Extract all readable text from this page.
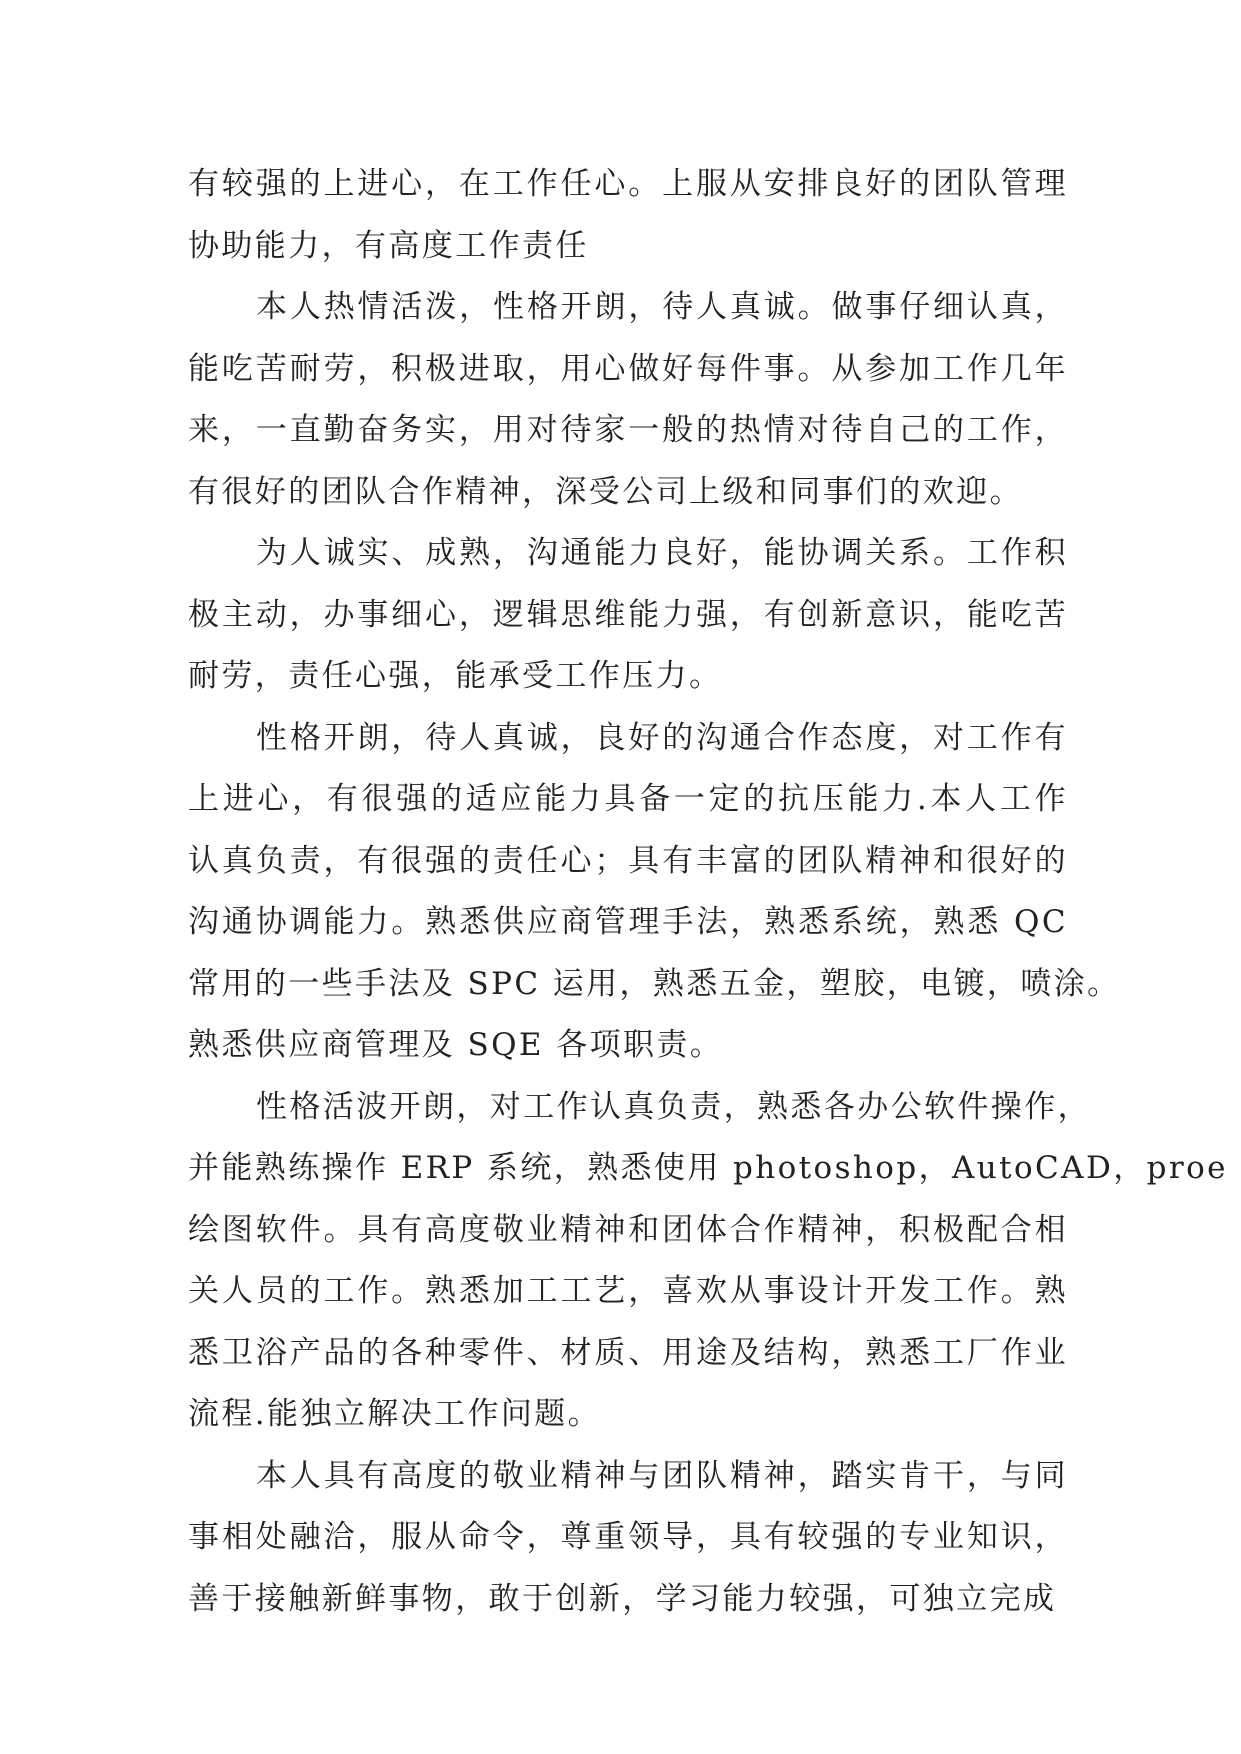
有较强的上进心，在工作任心。上服从安排良好的团队管理
协助能力，有高度工作责任

本人热情活泼，性格开朗，待人真诚。做事仔细认真，
能吃苦耐劳，积极进取，用心做好每件事。从参加工作几年
来，一直勤奋务实，用对待家一般的热情对待自己的工作，
有很好的团队合作精神，深受公司上级和同事们的欢迎。

为人诚实、成熟，沟通能力良好，能协调关系。工作积
极主动，办事细心，逻辑思维能力强，有创新意识，能吃苦
耐劳，责任心强，能承受工作压力。

性格开朗，待人真诚，良好的沟通合作态度，对工作有
上进心，有很强的适应能力具备一定的抗压能力.本人工作
认真负责，有很强的责任心；具有丰富的团队精神和很好的
沟通协调能力。熟悉供应商管理手法，熟悉系统，熟悉 QC
常用的一些手法及 SPC 运用，熟悉五金，塑胶，电镀，喷涂。
熟悉供应商管理及 SQE 各项职责。

性格活波开朗，对工作认真负责，熟悉各办公软件操作，
并能熟练操作 ERP 系统，熟悉使用 photoshop，AutoCAD，proe
绘图软件。具有高度敬业精神和团体合作精神，积极配合相
关人员的工作。熟悉加工工艺，喜欢从事设计开发工作。熟
悉卫浴产品的各种零件、材质、用途及结构，熟悉工厂作业
流程.能独立解决工作问题。

本人具有高度的敬业精神与团队精神，踏实肯干，与同
事相处融洽，服从命令，尊重领导，具有较强的专业知识，
善于接触新鲜事物，敢于创新，学习能力较强，可独立完成
